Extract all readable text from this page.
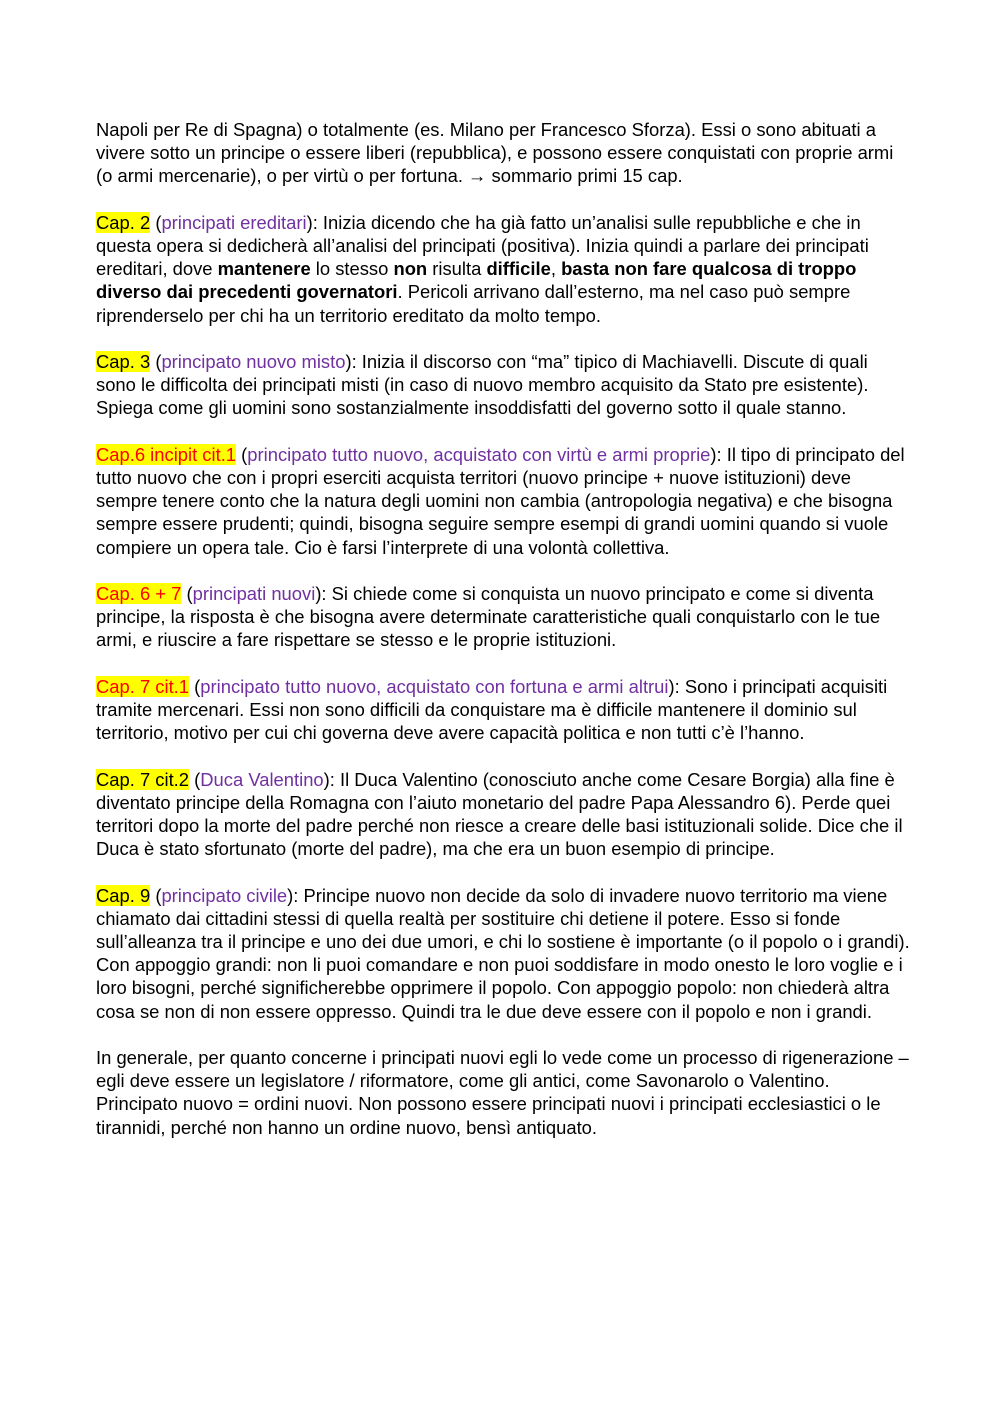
Napoli per Re di Spagna) o totalmente (es. Milano per Francesco Sforza). Essi o sono abituati a vivere sotto un principe o essere liberi (repubblica), e possono essere conquistati con proprie armi (o armi mercenarie), o per virtù o per fortuna. → sommario primi 15 cap.

Cap. 2 (principati ereditari): Inizia dicendo che ha già fatto un’analisi sulle repubbliche e che in questa opera si dedicherà all’analisi del principati (positiva). Inizia quindi a parlare dei principati ereditari, dove mantenere lo stesso non risulta difficile, basta non fare qualcosa di troppo diverso dai precedenti governatori. Pericoli arrivano dall’esterno, ma nel caso può sempre riprenderselo per chi ha un territorio ereditato da molto tempo.

Cap. 3 (principato nuovo misto): Inizia il discorso con “ma” tipico di Machiavelli. Discute di quali sono le difficolta dei principati misti (in caso di nuovo membro acquisito da Stato pre esistente). Spiega come gli uomini sono sostanzialmente insoddisfatti del governo sotto il quale stanno.

Cap.6 incipit cit.1 (principato tutto nuovo, acquistato con virtù e armi proprie): Il tipo di principato del tutto nuovo che con i propri eserciti acquista territori (nuovo principe + nuove istituzioni) deve sempre tenere conto che la natura degli uomini non cambia (antropologia negativa) e che bisogna sempre essere prudenti; quindi, bisogna seguire sempre esempi di grandi uomini quando si vuole compiere un opera tale. Cio è farsi l’interprete di una volontà collettiva.

Cap. 6 + 7 (principati nuovi): Si chiede come si conquista un nuovo principato e come si diventa principe, la risposta è che bisogna avere determinate caratteristiche quali conquistarlo con le tue armi, e riuscire a fare rispettare se stesso e le proprie istituzioni.

Cap. 7 cit.1 (principato tutto nuovo, acquistato con fortuna e armi altrui): Sono i principati acquisiti tramite mercenari. Essi non sono difficili da conquistare ma è difficile mantenere il dominio sul territorio, motivo per cui chi governa deve avere capacità politica e non tutti c’è l’hanno.

Cap. 7 cit.2 (Duca Valentino): Il Duca Valentino (conosciuto anche come Cesare Borgia) alla fine è diventato principe della Romagna con l’aiuto monetario del padre Papa Alessandro 6). Perde quei territori dopo la morte del padre perché non riesce a creare delle basi istituzionali solide. Dice che il Duca è stato sfortunato (morte del padre), ma che era un buon esempio di principe.

Cap. 9 (principato civile): Principe nuovo non decide da solo di invadere nuovo territorio ma viene chiamato dai cittadini stessi di quella realtà per sostituire chi detiene il potere. Esso si fonde sull’alleanza tra il principe e uno dei due umori, e chi lo sostiene è importante (o il popolo o i grandi). Con appoggio grandi: non li puoi comandare e non puoi soddisfare in modo onesto le loro voglie e i loro bisogni, perché significherebbe opprimere il popolo. Con appoggio popolo: non chiederà altra cosa se non di non essere oppresso. Quindi tra le due deve essere con il popolo e non i grandi.

In generale, per quanto concerne i principati nuovi egli lo vede come un processo di rigenerazione – egli deve essere un legislatore / riformatore, come gli antici, come Savonarolo o Valentino. Principato nuovo = ordini nuovi. Non possono essere principati nuovi i principati ecclesiastici o le tirannidi, perché non hanno un ordine nuovo, bensì antiquato.
